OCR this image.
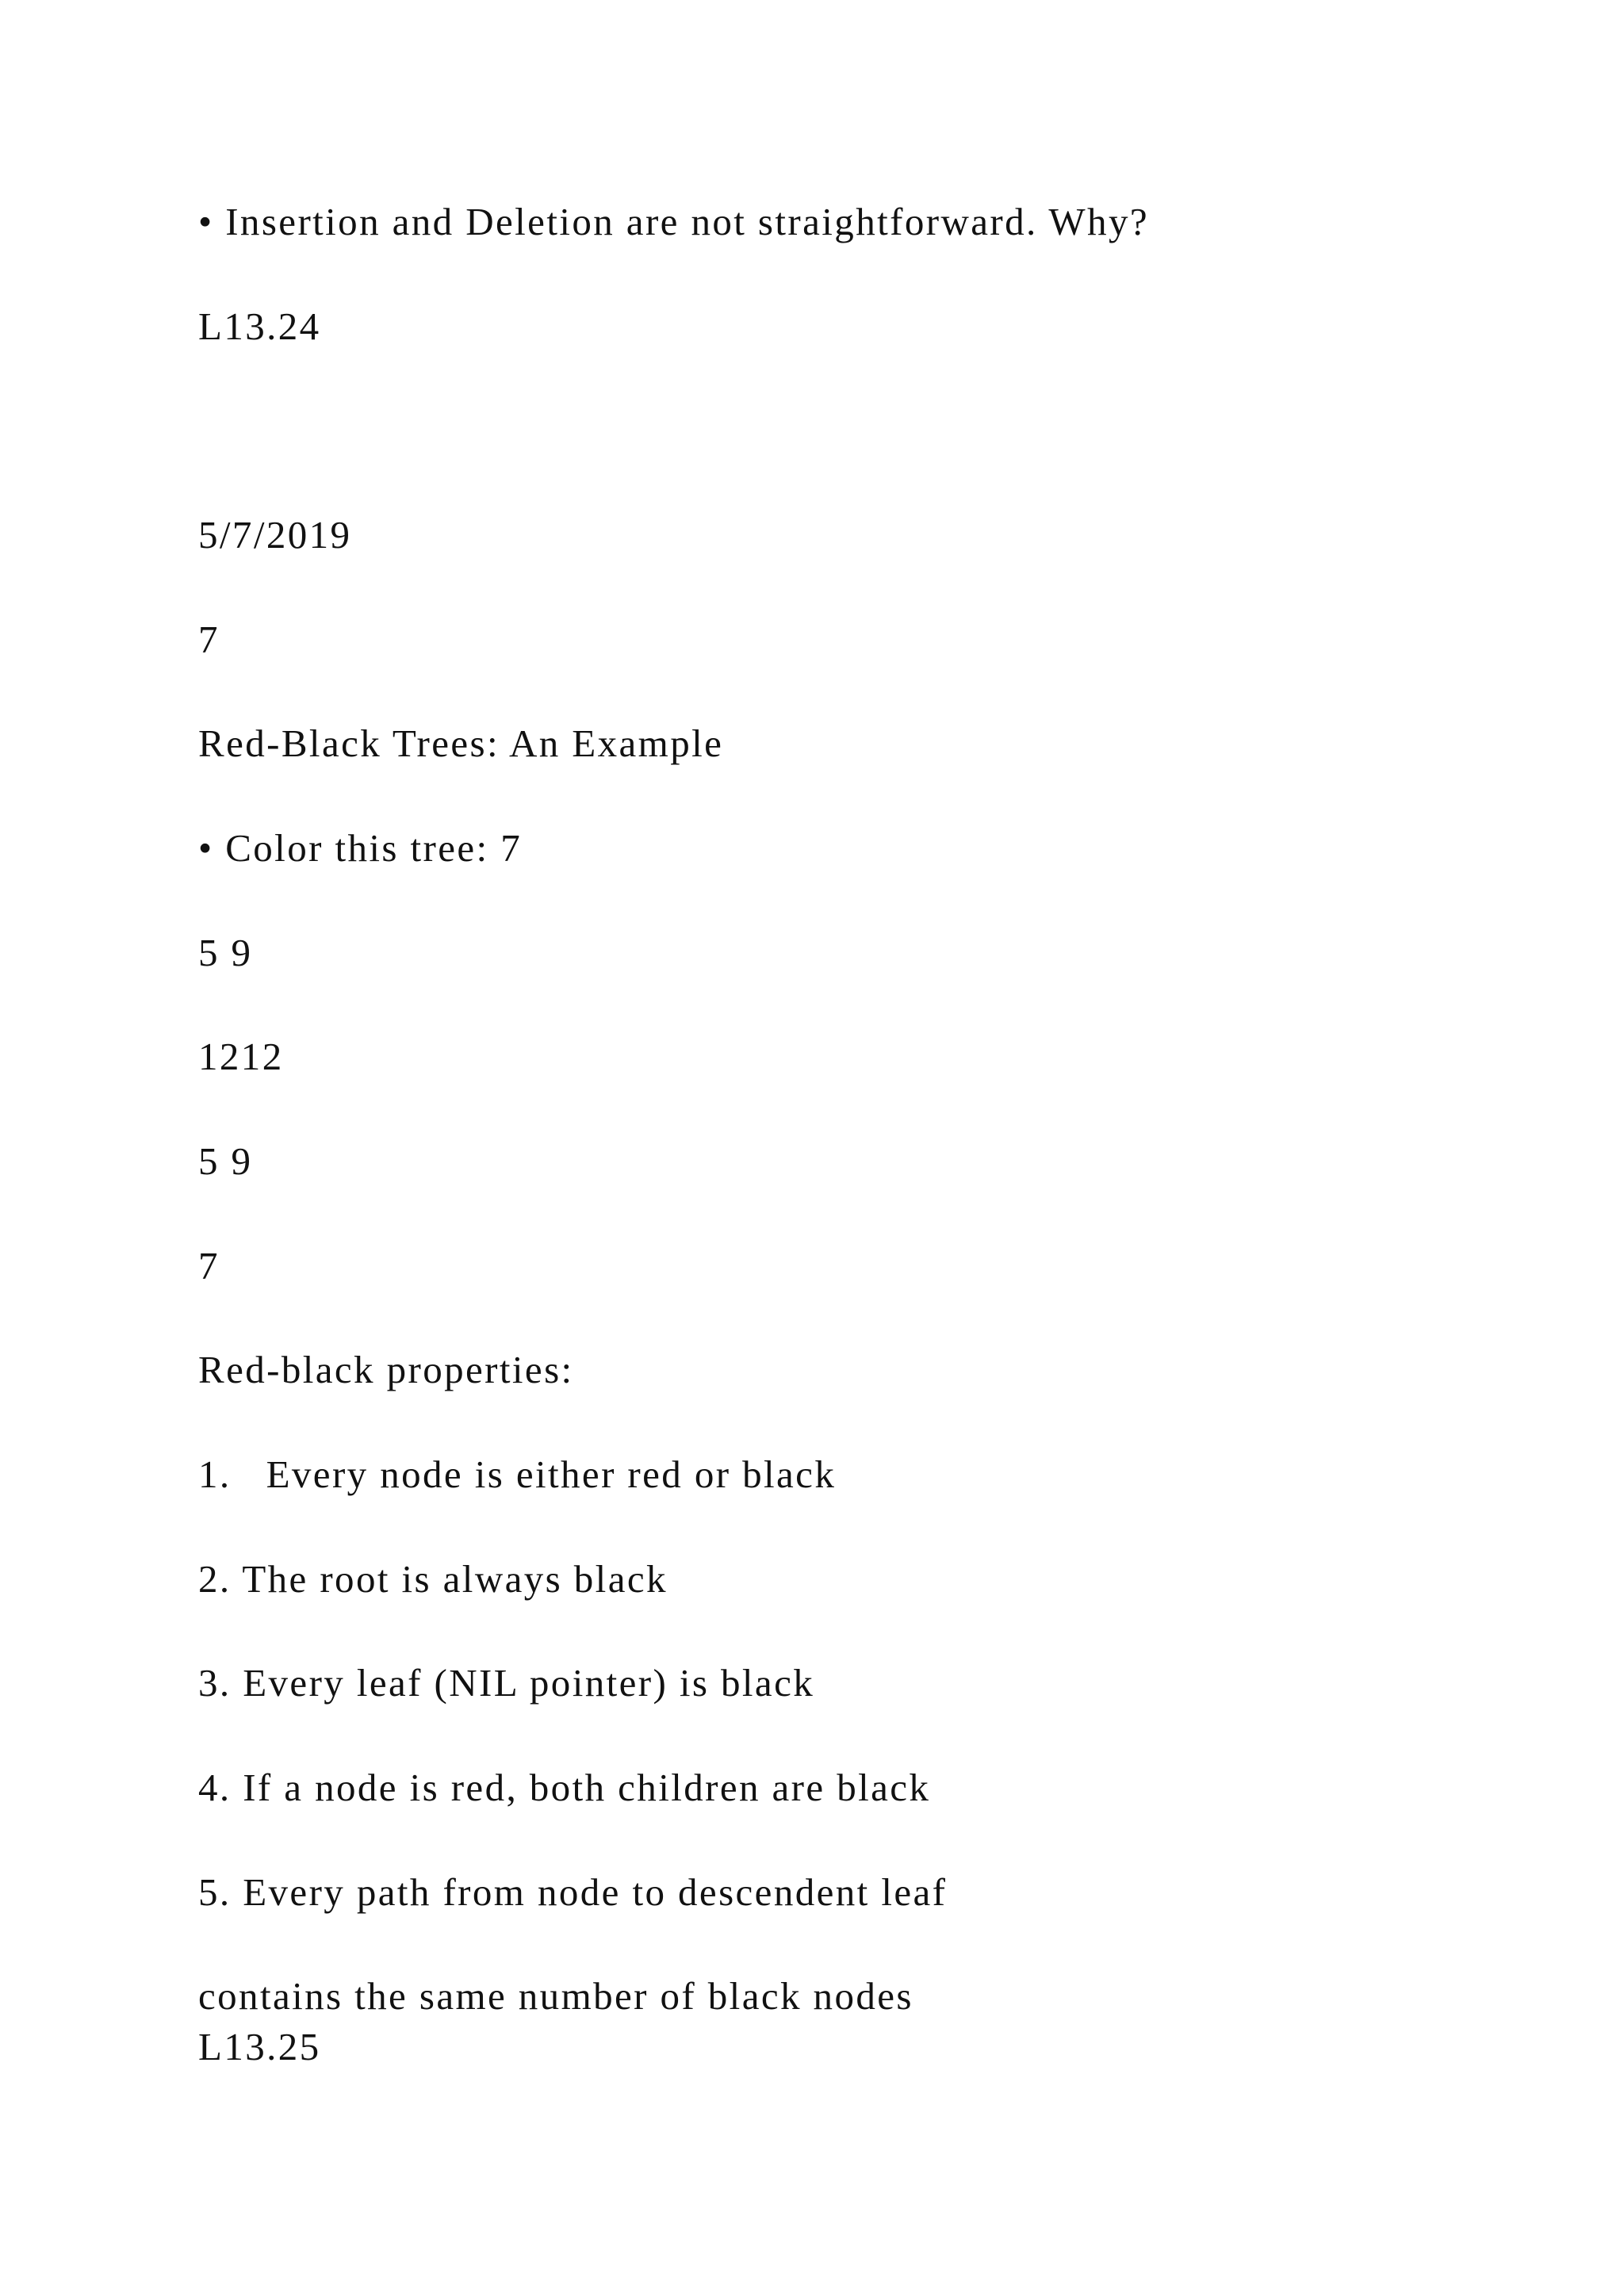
• Insertion and Deletion are not straightforward. Why?

L13.24

5/7/2019

7

Red-Black Trees: An Example

• Color this tree: 7

5 9

1212

5 9

7

Red-black properties:

1. Every node is either red or black

2. The root is always black

3. Every leaf (NIL pointer) is black

4. If a node is red, both children are black

5. Every path from node to descendent leaf

contains the same number of black nodes

L13.25
